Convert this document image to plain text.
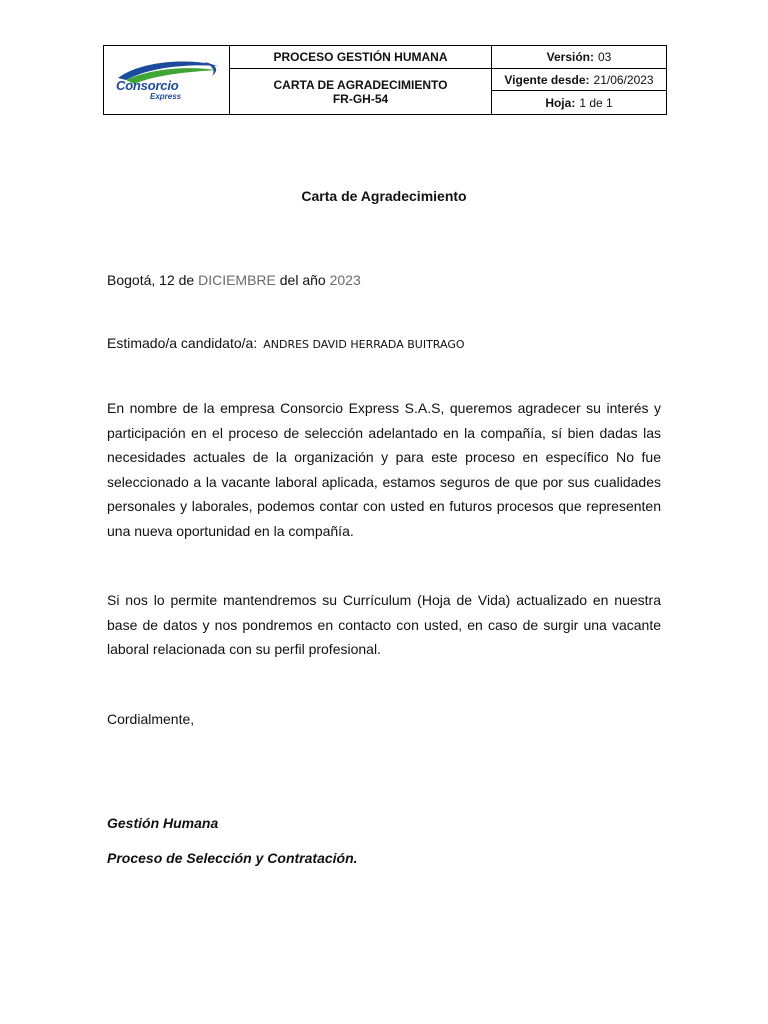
Consorcio
Express
PROCESO GESTIÓN HUMANA
CARTA DE AGRADECIMIENTO
FR-GH-54
Versión: 03
Vigente desde: 21/06/2023
Hoja: 1 de 1
Carta de Agradecimiento
Bogotá, 12 de DICIEMBRE del año 2023
Estimado/a candidato/a: ANDRES DAVID HERRADA BUITRAGO
En nombre de la empresa Consorcio Express S.A.S, queremos agradecer su interés y participación en el proceso de selección adelantado en la compañía, sí bien dadas las necesidades actuales de la organización y para este proceso en específico No fue seleccionado a la vacante laboral aplicada, estamos seguros de que por sus cualidades personales y laborales, podemos contar con usted en futuros procesos que representen una nueva oportunidad en la compañía.
Si nos lo permite mantendremos su Currículum (Hoja de Vida) actualizado en nuestra base de datos y nos pondremos en contacto con usted, en caso de surgir una vacante laboral relacionada con su perfil profesional.
Cordialmente,
Gestión Humana
Proceso de Selección y Contratación.
